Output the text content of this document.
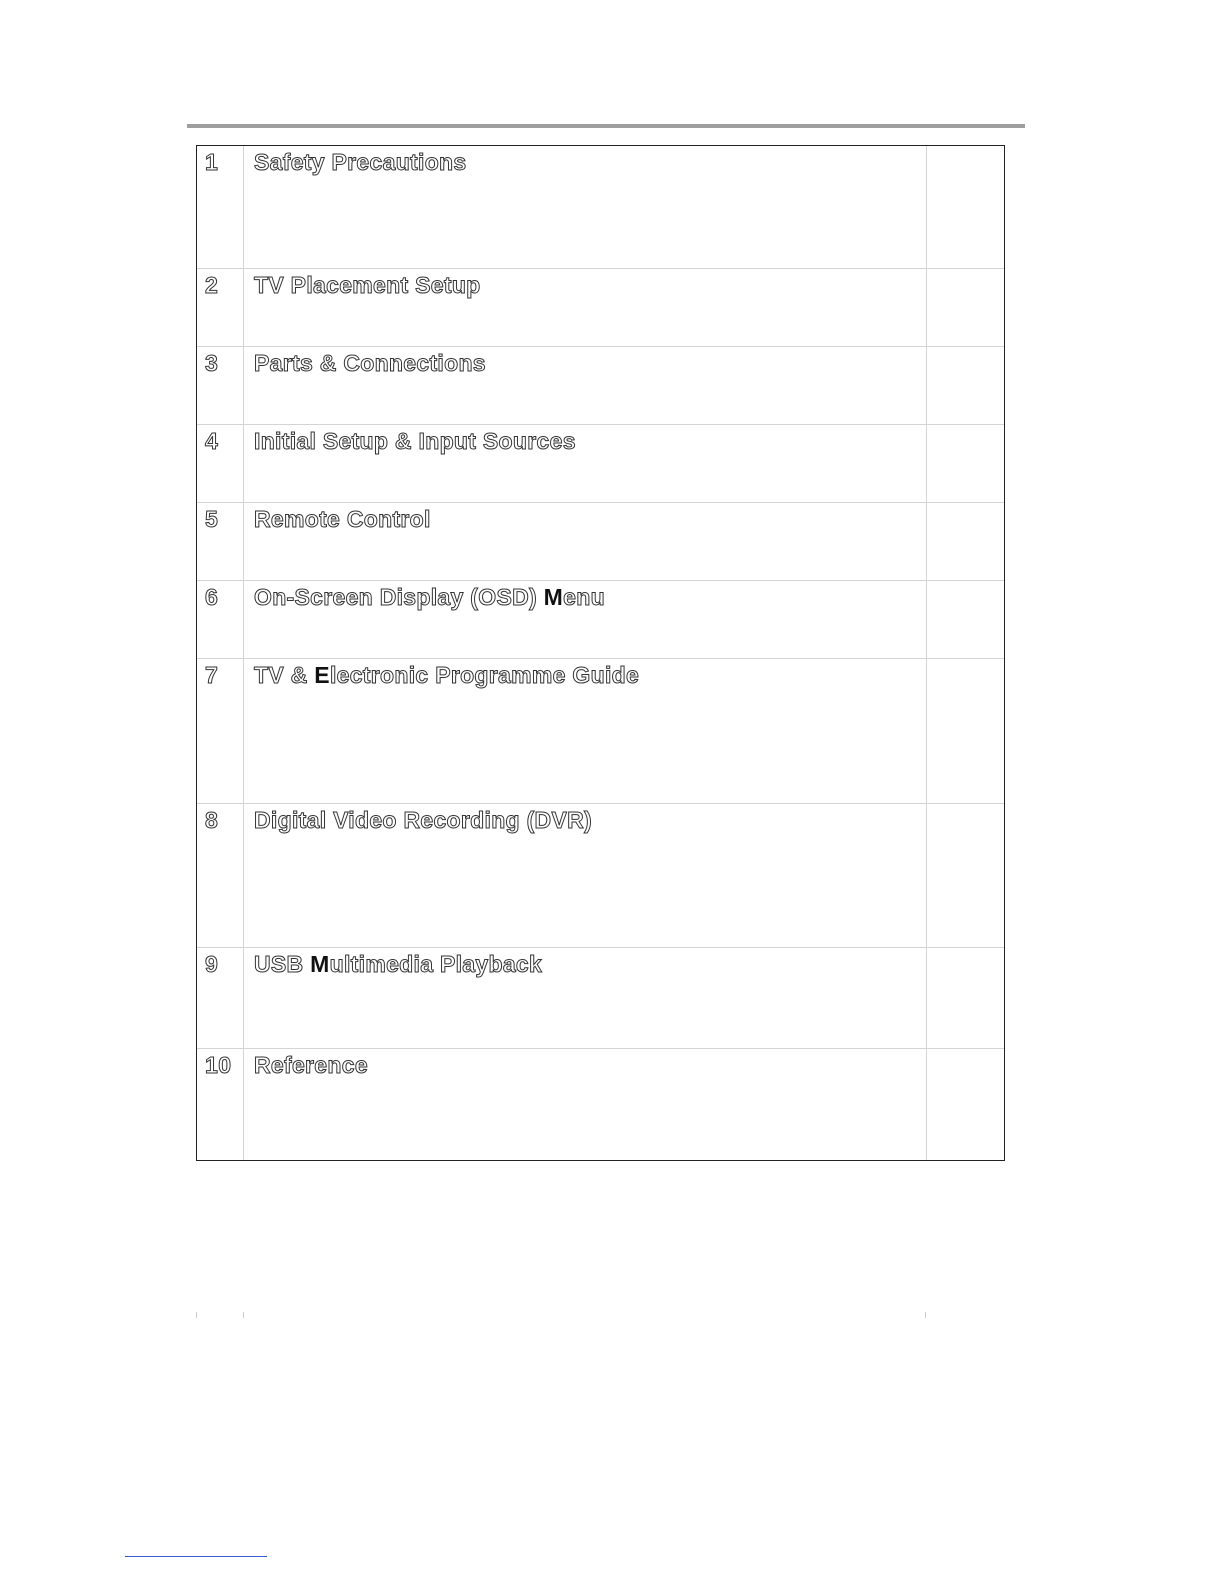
1 Safety Precautions
2 TV Placement Setup
3 Parts & Connections
4 Initial Setup & Input Sources
5 Remote Control
6 On-Screen Display (OSD) Menu
7 TV & Electronic Programme Guide
8 Digital Video Recording (DVR)
9 USB Multimedia Playback
10 Reference
